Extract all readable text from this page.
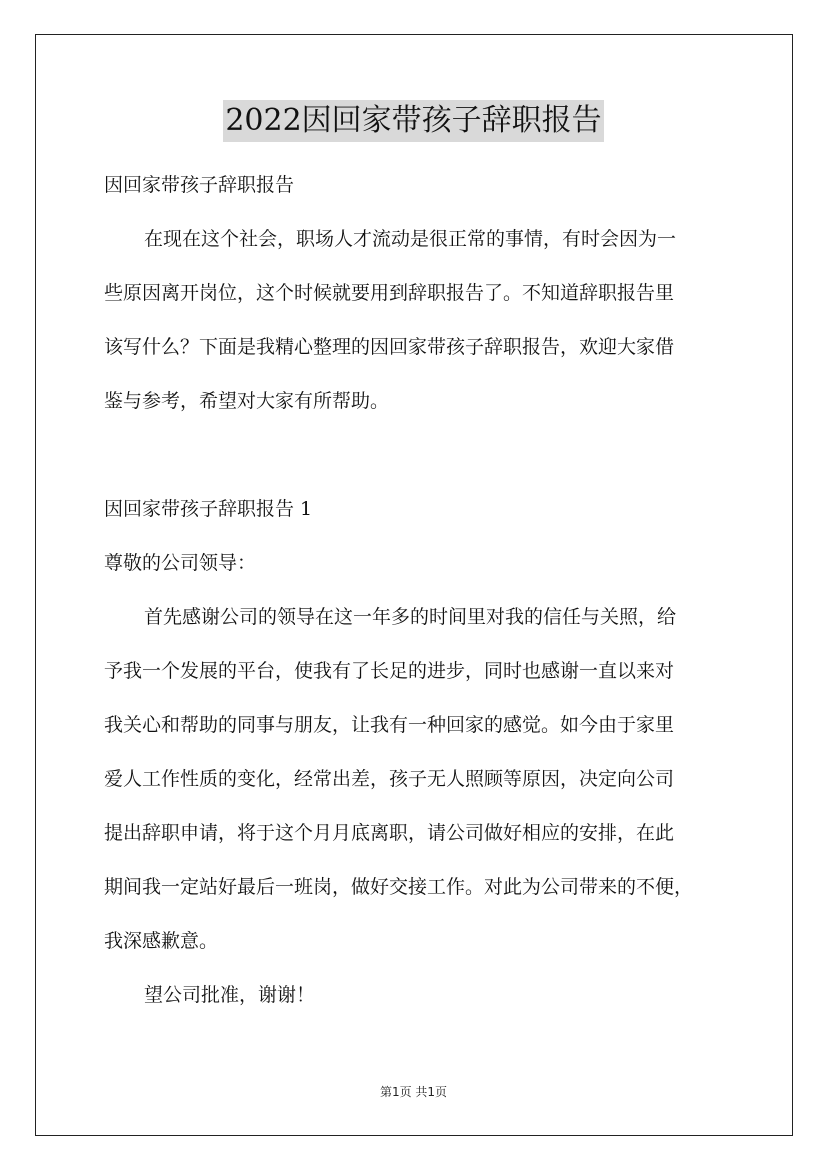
2022因回家带孩子辞职报告
因回家带孩子辞职报告
在现在这个社会，职场人才流动是很正常的事情，有时会因为一
些原因离开岗位，这个时候就要用到辞职报告了。不知道辞职报告里
该写什么？下面是我精心整理的因回家带孩子辞职报告，欢迎大家借
鉴与参考，希望对大家有所帮助。
因回家带孩子辞职报告 1
尊敬的公司领导：
首先感谢公司的领导在这一年多的时间里对我的信任与关照，给
予我一个发展的平台，使我有了长足的进步，同时也感谢一直以来对
我关心和帮助的同事与朋友，让我有一种回家的感觉。如今由于家里
爱人工作性质的变化，经常出差，孩子无人照顾等原因，决定向公司
提出辞职申请，将于这个月月底离职，请公司做好相应的安排，在此
期间我一定站好最后一班岗，做好交接工作。对此为公司带来的不便，
我深感歉意。
望公司批准，谢谢！
第1页 共1页
